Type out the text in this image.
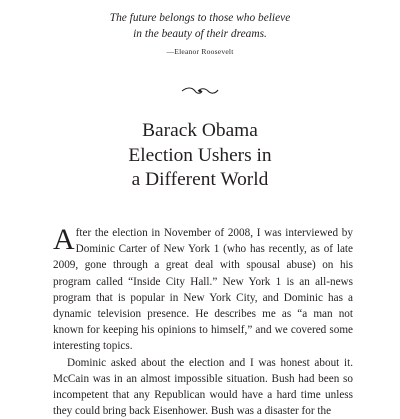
The future belongs to those who believe
in the beauty of their dreams.
—Eleanor Roosevelt
Barack Obama
Election Ushers in
a Different World

After the election in November of 2008, I was interviewed by Dominic Carter of New York 1 (who has recently, as of late 2009, gone through a great deal with spousal abuse) on his program called “Inside City Hall.” New York 1 is an all-news program that is popular in New York City, and Dominic has a dynamic television presence. He describes me as “a man not known for keeping his opinions to himself,” and we covered some interesting topics.

Dominic asked about the election and I was honest about it. McCain was in an almost impossible situation. Bush had been so incompetent that any Republican would have a hard time unless they could bring back Eisenhower. Bush was a disaster for the
